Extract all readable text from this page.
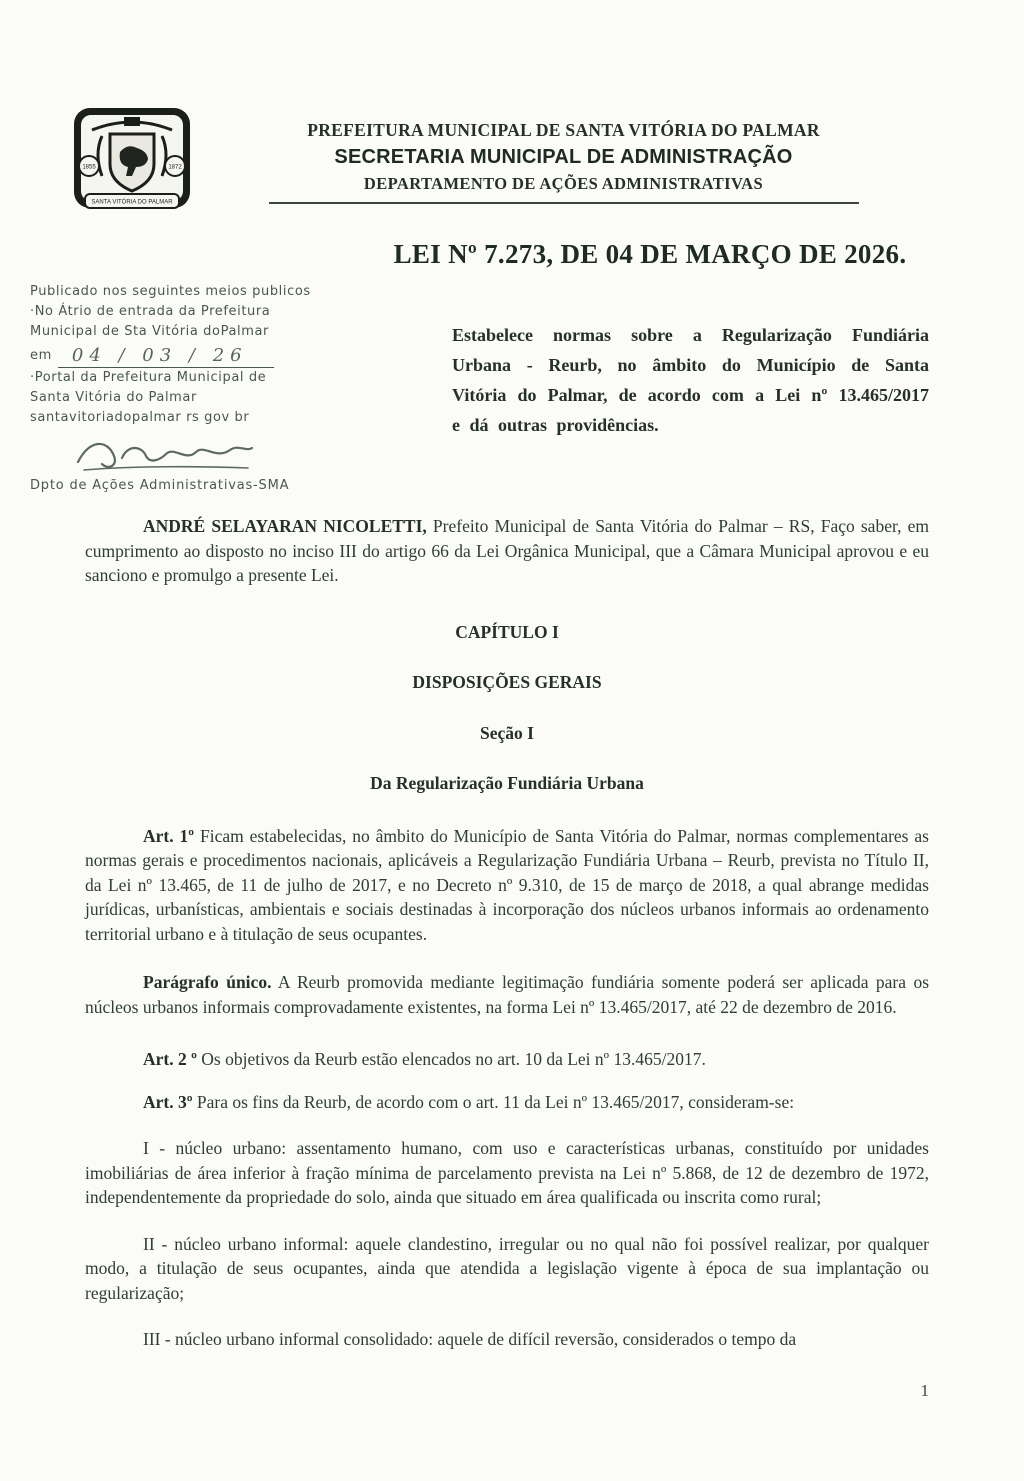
1855	1872
SANTA VITÓRIA DO PALMAR
PREFEITURA MUNICIPAL DE SANTA VITÓRIA DO PALMAR
SECRETARIA MUNICIPAL DE ADMINISTRAÇÃO
DEPARTAMENTO DE AÇÕES ADMINISTRATIVAS
LEI Nº 7.273, DE 04 DE MARÇO DE 2026.
Publicado nos seguintes meios publicos
·No Átrio de entrada da Prefeitura
Municipal de Sta Vitória doPalmar
em	04 / 03 / 26
·Portal da Prefeitura Municipal de
Santa Vitória do Palmar
santavitoriadopalmar rs gov br
Dpto de Ações Administrativas-SMA
Estabelece normas sobre a Regularização Fundiária Urbana - Reurb, no âmbito do Município de Santa Vitória do Palmar, de acordo com a Lei nº 13.465/2017 e dá outras providências.

ANDRÉ SELAYARAN NICOLETTI, Prefeito Municipal de Santa Vitória do Palmar – RS, Faço saber, em cumprimento ao disposto no inciso III do artigo 66 da Lei Orgânica Municipal, que a Câmara Municipal aprovou e eu sanciono e promulgo a presente Lei.

CAPÍTULO I

DISPOSIÇÕES GERAIS

Seção I

Da Regularização Fundiária Urbana

Art. 1º Ficam estabelecidas, no âmbito do Município de Santa Vitória do Palmar, normas complementares as normas gerais e procedimentos nacionais, aplicáveis a Regularização Fundiária Urbana – Reurb, prevista no Título II, da Lei nº 13.465, de 11 de julho de 2017, e no Decreto nº 9.310, de 15 de março de 2018, a qual abrange medidas jurídicas, urbanísticas, ambientais e sociais destinadas à incorporação dos núcleos urbanos informais ao ordenamento territorial urbano e à titulação de seus ocupantes.

Parágrafo único. A Reurb promovida mediante legitimação fundiária somente poderá ser aplicada para os núcleos urbanos informais comprovadamente existentes, na forma Lei nº 13.465/2017, até 22 de dezembro de 2016.

Art. 2 º Os objetivos da Reurb estão elencados no art. 10 da Lei nº 13.465/2017.

Art. 3º Para os fins da Reurb, de acordo com o art. 11 da Lei nº 13.465/2017, consideram-se:

I - núcleo urbano: assentamento humano, com uso e características urbanas, constituído por unidades imobiliárias de área inferior à fração mínima de parcelamento prevista na Lei nº 5.868, de 12 de dezembro de 1972, independentemente da propriedade do solo, ainda que situado em área qualificada ou inscrita como rural;

II - núcleo urbano informal: aquele clandestino, irregular ou no qual não foi possível realizar, por qualquer modo, a titulação de seus ocupantes, ainda que atendida a legislação vigente à época de sua implantação ou regularização;

III - núcleo urbano informal consolidado: aquele de difícil reversão, considerados o tempo da

1
